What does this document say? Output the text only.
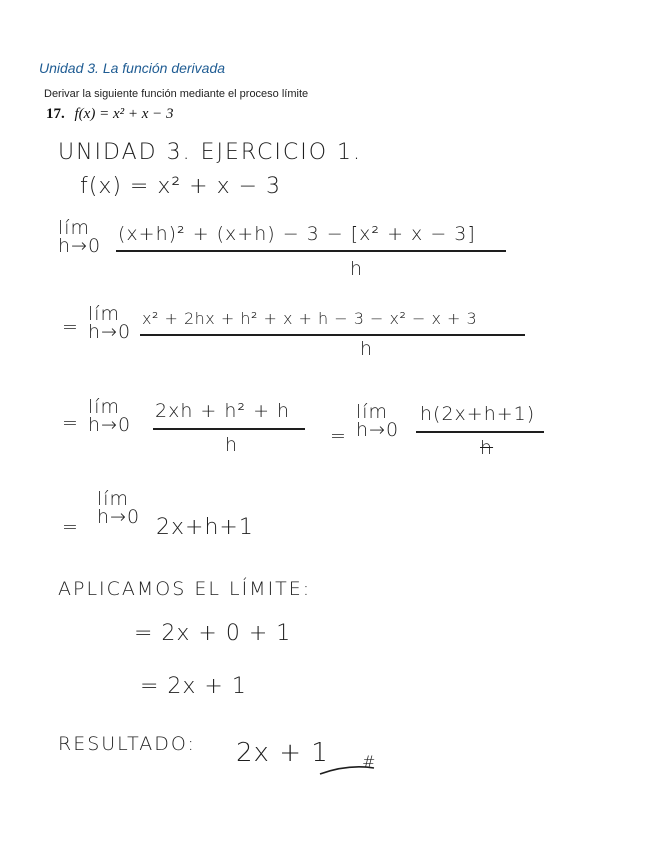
Unidad 3. La función derivada
Derivar la siguiente función mediante el proceso límite
17. f(x) = x² + x − 3
UNIDAD 3. EJERCICIO 1.
f(x) = x² + x − 3
lím
h→0
(x+h)² + (x+h) − 3 − [x² + x − 3]
h
=
lím
h→0
x² + 2hx + h² + x + h − 3 − x² − x + 3
h
=
lím
h→0
2xh + h² + h
h	=
lím
h→0
h(2x+h+1)
h
=
lím
h→0 2x+h+1
APLICAMOS EL LÍMITE:
= 2x + 0 + 1
= 2x + 1
RESULTADO: 2x + 1 #
